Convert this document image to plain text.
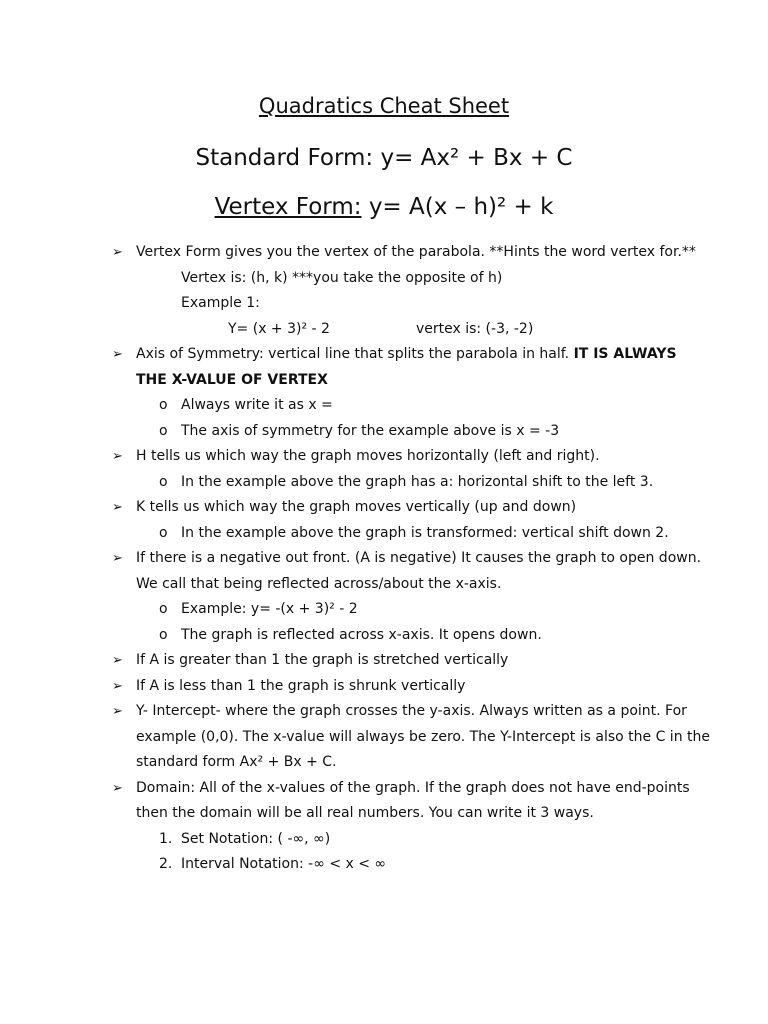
Quadratics Cheat Sheet
Standard Form: y= Ax² + Bx + C
Vertex Form: y= A(x – h)² + k
➢ Vertex Form gives you the vertex of the parabola. **Hints the word vertex for.**
Vertex is: (h, k) ***you take the opposite of h)
Example 1:
Y= (x + 3)² - 2	vertex is: (-3, -2)
➢ Axis of Symmetry: vertical line that splits the parabola in half. IT IS ALWAYS THE X-VALUE OF VERTEX
o Always write it as x =
o The axis of symmetry for the example above is x = -3
➢ H tells us which way the graph moves horizontally (left and right).
o In the example above the graph has a: horizontal shift to the left 3.
➢ K tells us which way the graph moves vertically (up and down)
o In the example above the graph is transformed: vertical shift down 2.
➢ If there is a negative out front. (A is negative) It causes the graph to open down. We call that being reflected across/about the x-axis.
o Example: y= -(x + 3)² - 2
o The graph is reflected across x-axis. It opens down.
➢ If A is greater than 1 the graph is stretched vertically
➢ If A is less than 1 the graph is shrunk vertically
➢ Y- Intercept- where the graph crosses the y-axis. Always written as a point. For example (0,0). The x-value will always be zero. The Y-Intercept is also the C in the standard form Ax² + Bx + C.
➢ Domain: All of the x-values of the graph. If the graph does not have end-points then the domain will be all real numbers. You can write it 3 ways.
1. Set Notation: ( -∞, ∞)
2. Interval Notation: -∞ < x < ∞
